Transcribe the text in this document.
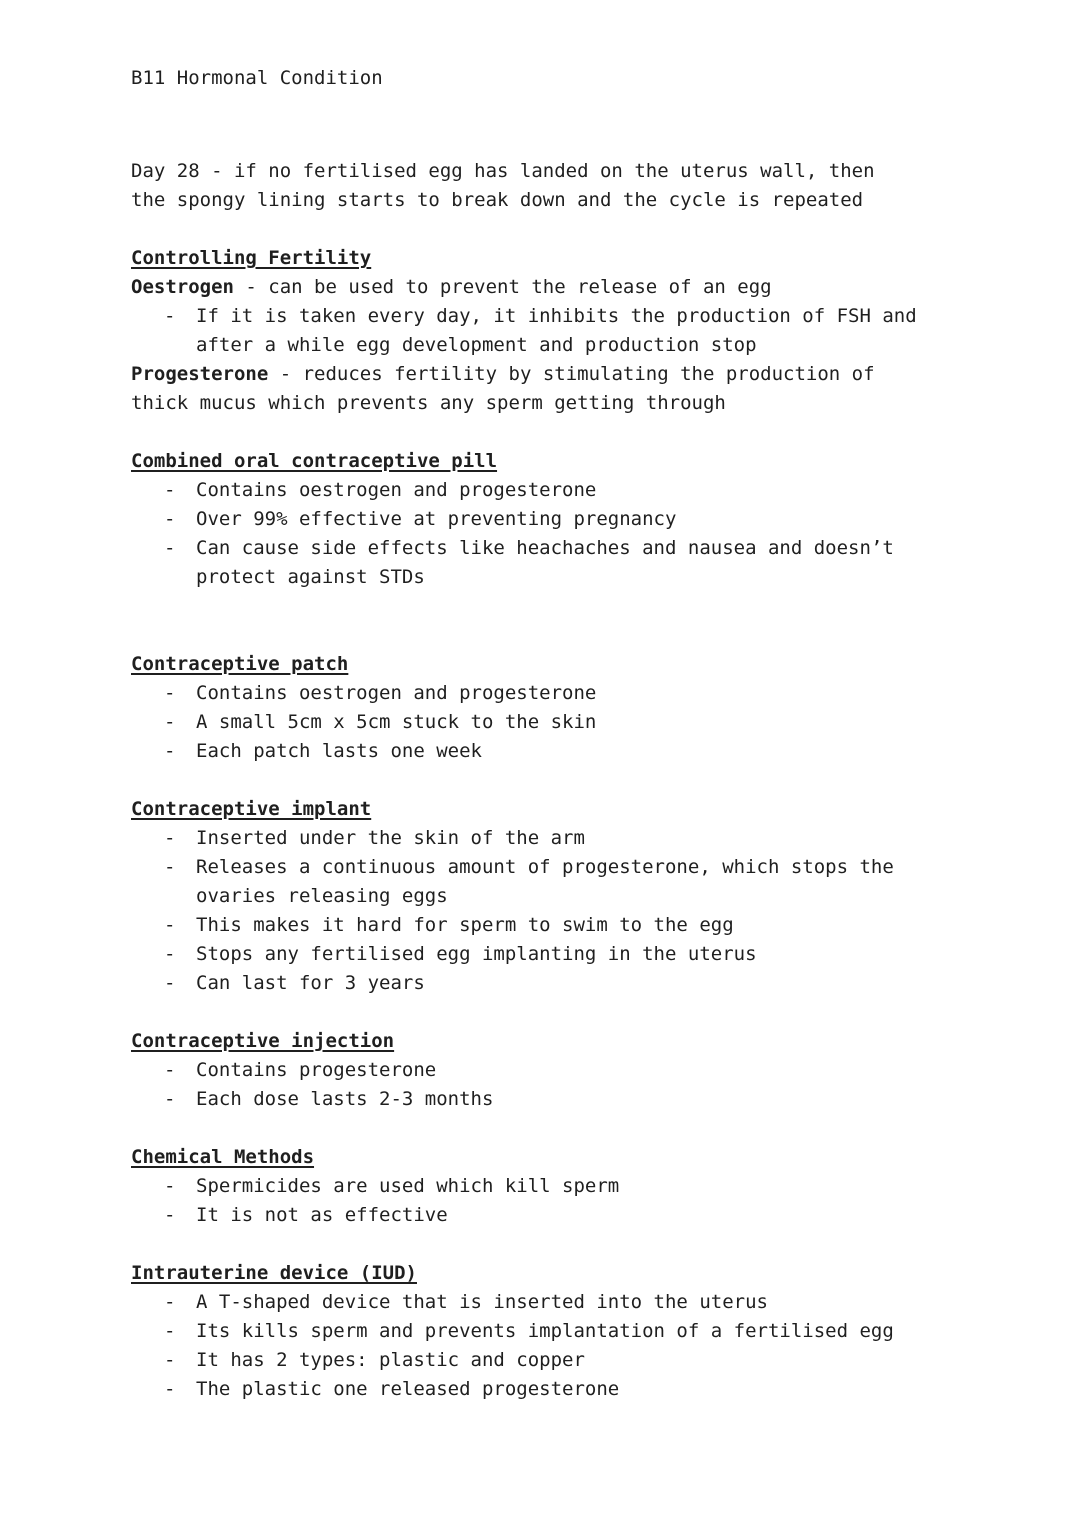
B11 Hormonal Condition
Day 28 - if no fertilised egg has landed on the uterus wall, then
the spongy lining starts to break down and the cycle is repeated
Controlling Fertility
Oestrogen - can be used to prevent the release of an egg
- If it is taken every day, it inhibits the production of FSH and after a while egg development and production stop
Progesterone - reduces fertility by stimulating the production of
thick mucus which prevents any sperm getting through
Combined oral contraceptive pill
- Contains oestrogen and progesterone
- Over 99% effective at preventing pregnancy
- Can cause side effects like heachaches and nausea and doesn’t protect against STDs
Contraceptive patch
- Contains oestrogen and progesterone
- A small 5cm x 5cm stuck to the skin
- Each patch lasts one week
Contraceptive implant
- Inserted under the skin of the arm
- Releases a continuous amount of progesterone, which stops the ovaries releasing eggs
- This makes it hard for sperm to swim to the egg
- Stops any fertilised egg implanting in the uterus
- Can last for 3 years
Contraceptive injection
- Contains progesterone
- Each dose lasts 2-3 months
Chemical Methods
- Spermicides are used which kill sperm
- It is not as effective
Intrauterine device (IUD)
- A T-shaped device that is inserted into the uterus
- Its kills sperm and prevents implantation of a fertilised egg
- It has 2 types: plastic and copper
- The plastic one released progesterone
